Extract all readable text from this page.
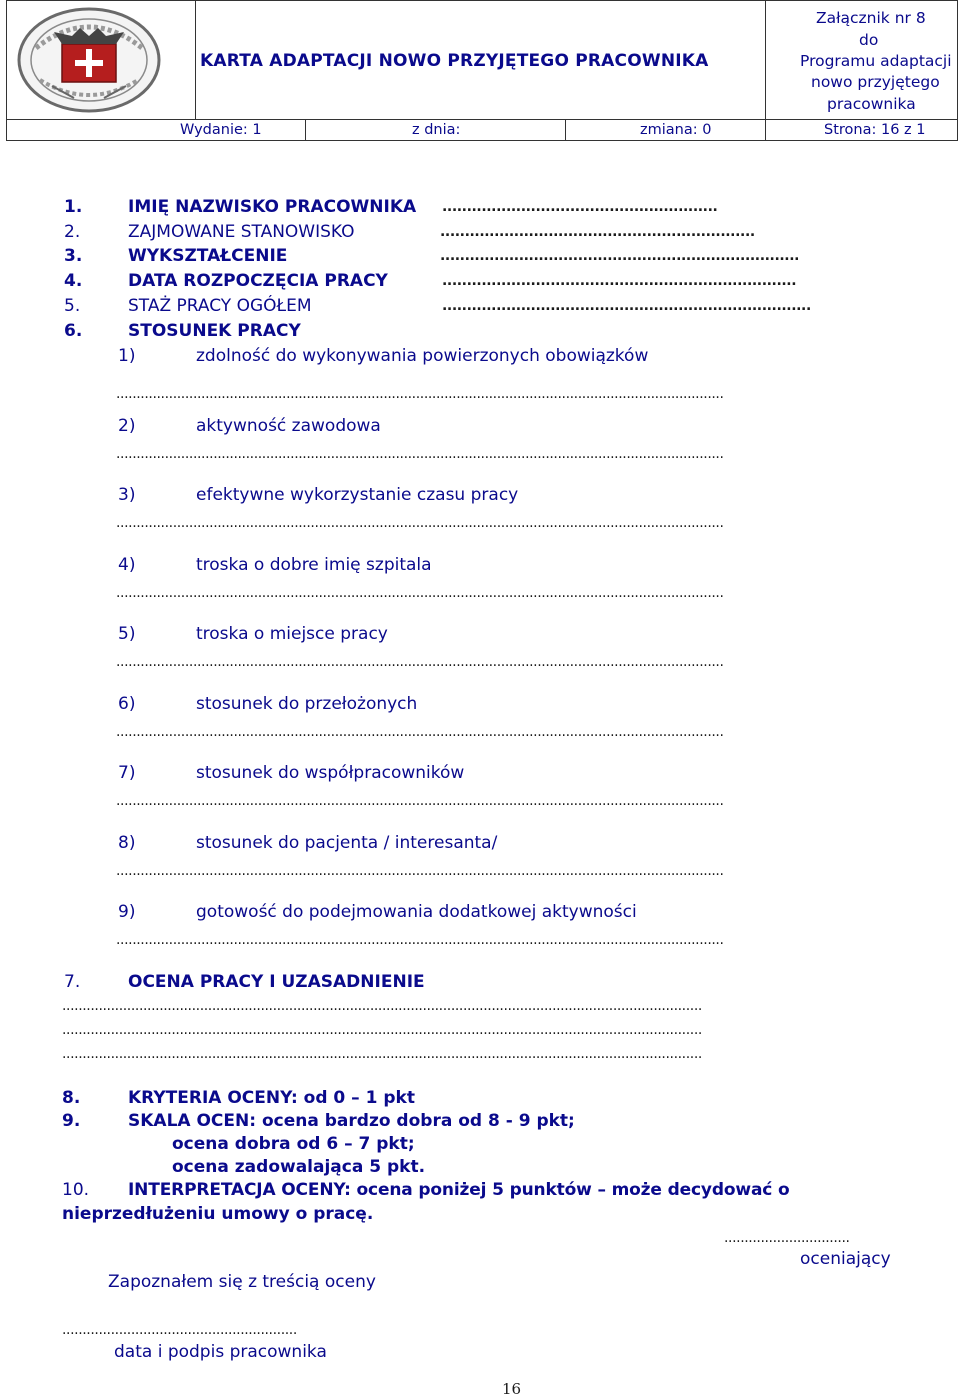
KARTA ADAPTACJI NOWO PRZYJĘTEGO PRACOWNIKA
Załącznik nr 8
do
Programu adaptacji
nowo przyjętego
pracownika
Wydanie: 1	z dnia:	zmiana: 0	Strona: 16 z 1
1.	IMIĘ NAZWISKO PRACOWNIKA ........................................................
2.	ZAJMOWANE STANOWISKO	................................................................
3.	WYKSZTAŁCENIE	.........................................................................
4.	DATA ROZPOCZĘCIA PRACY	........................................................................
5.	STAŻ PRACY OGÓŁEM	...........................................................................
6.	STOSUNEK PRACY
1)	zdolność do wykonywania powierzonych obowiązków
......................................................................................................................................................
2)	aktywność zawodowa
......................................................................................................................................................
3)	efektywne wykorzystanie czasu pracy
......................................................................................................................................................
4)	troska o dobre imię szpitala
......................................................................................................................................................
5)	troska o miejsce pracy
......................................................................................................................................................
6)	stosunek do przełożonych
......................................................................................................................................................
7)	stosunek do współpracowników
......................................................................................................................................................
8)	stosunek do pacjenta / interesanta/
......................................................................................................................................................
9)	gotowość do podejmowania dodatkowej aktywności
......................................................................................................................................................
7.	OCENA PRACY I UZASADNIENIE
..............................................................................................................................................................
..............................................................................................................................................................
..............................................................................................................................................................
8.	KRYTERIA OCENY: od 0 – 1 pkt
9.	SKALA OCEN: ocena bardzo dobra od 8 - 9 pkt;
ocena dobra od 6 – 7 pkt;
ocena zadowalająca 5 pkt.
10. INTERPRETACJA OCENY: ocena poniżej 5 punktów – może decydować o
nieprzedłużeniu umowy o pracę.
...............................
oceniający
Zapoznałem się z treścią oceny
..........................................................
data i podpis pracownika
16
